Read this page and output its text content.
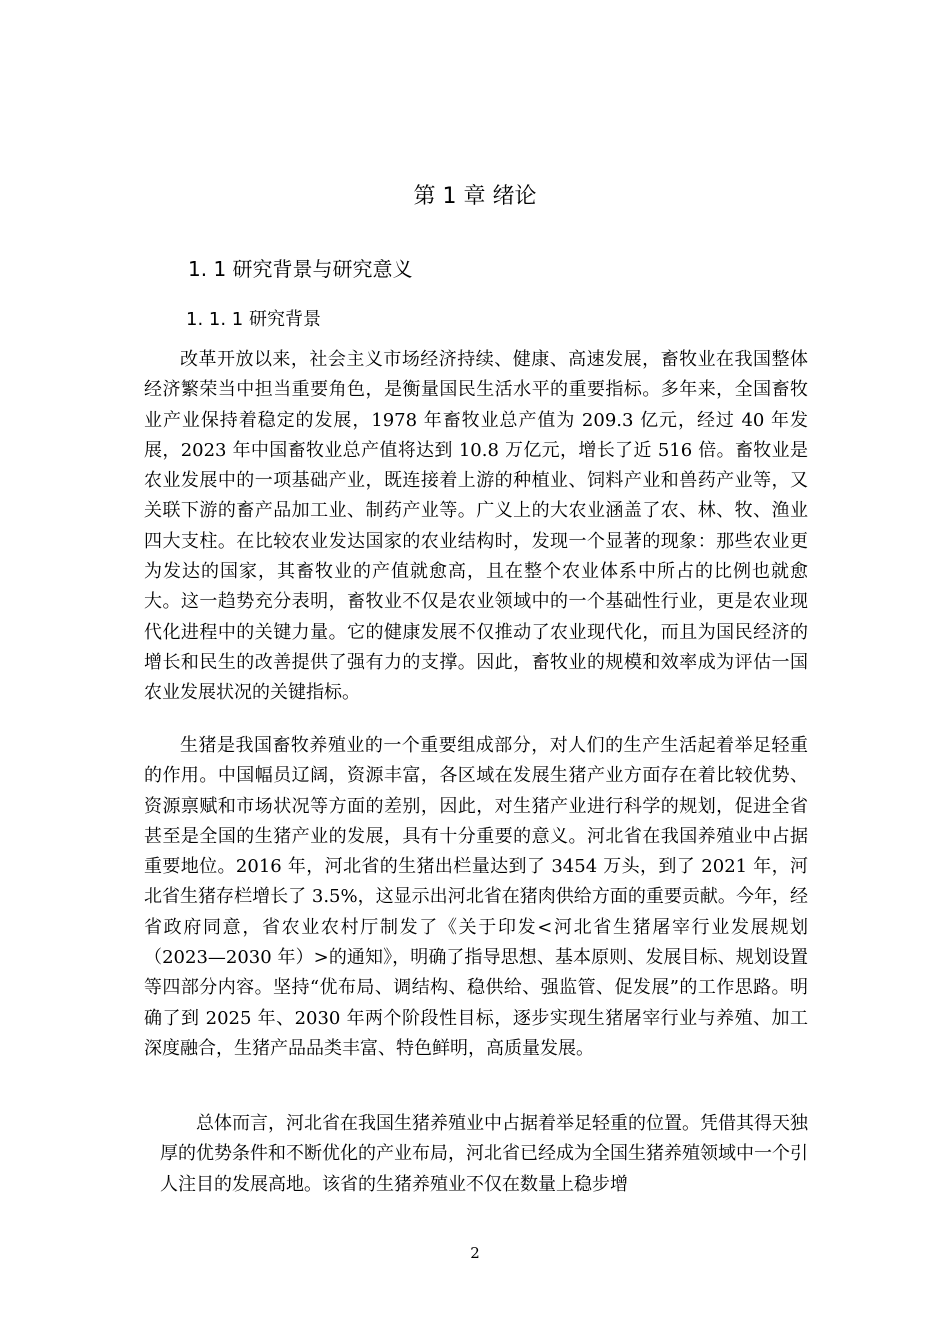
第 1 章 绪论
1. 1 研究背景与研究意义
1. 1. 1 研究背景

改革开放以来，社会主义市场经济持续、健康、高速发展，畜牧业在我国整体经济繁荣当中担当重要角色，是衡量国民生活水平的重要指标。多年来，全国畜牧业产业保持着稳定的发展，1978 年畜牧业总产值为 209.3 亿元，经过 40 年发展，2023 年中国畜牧业总产值将达到 10.8 万亿元，增长了近 516 倍。畜牧业是农业发展中的一项基础产业，既连接着上游的种植业、饲料产业和兽药产业等，又关联下游的畜产品加工业、制药产业等。广义上的大农业涵盖了农、林、牧、渔业四大支柱。在比较农业发达国家的农业结构时，发现一个显著的现象：那些农业更为发达的国家，其畜牧业的产值就愈高，且在整个农业体系中所占的比例也就愈大。这一趋势充分表明，畜牧业不仅是农业领域中的一个基础性行业，更是农业现代化进程中的关键力量。它的健康发展不仅推动了农业现代化，而且为国民经济的增长和民生的改善提供了强有力的支撑。因此，畜牧业的规模和效率成为评估一国农业发展状况的关键指标。

生猪是我国畜牧养殖业的一个重要组成部分，对人们的生产生活起着举足轻重的作用。中国幅员辽阔，资源丰富，各区域在发展生猪产业方面存在着比较优势、资源禀赋和市场状况等方面的差别，因此，对生猪产业进行科学的规划，促进全省甚至是全国的生猪产业的发展，具有十分重要的意义。河北省在我国养殖业中占据重要地位。2016 年，河北省的生猪出栏量达到了 3454 万头，到了 2021 年，河北省生猪存栏增长了 3.5%，这显示出河北省在猪肉供给方面的重要贡献。今年，经省政府同意，省农业农村厅制发了《关于印发<河北省生猪屠宰行业发展规划（2023—2030 年）>的通知》，明确了指导思想、基本原则、发展目标、规划设置等四部分内容。坚持“优布局、调结构、稳供给、强监管、促发展”的工作思路。明确了到 2025 年、2030 年两个阶段性目标，逐步实现生猪屠宰行业与养殖、加工深度融合，生猪产品品类丰富、特色鲜明，高质量发展。

总体而言，河北省在我国生猪养殖业中占据着举足轻重的位置。凭借其得天独厚的优势条件和不断优化的产业布局，河北省已经成为全国生猪养殖领域中一个引人注目的发展高地。该省的生猪养殖业不仅在数量上稳步增

2
